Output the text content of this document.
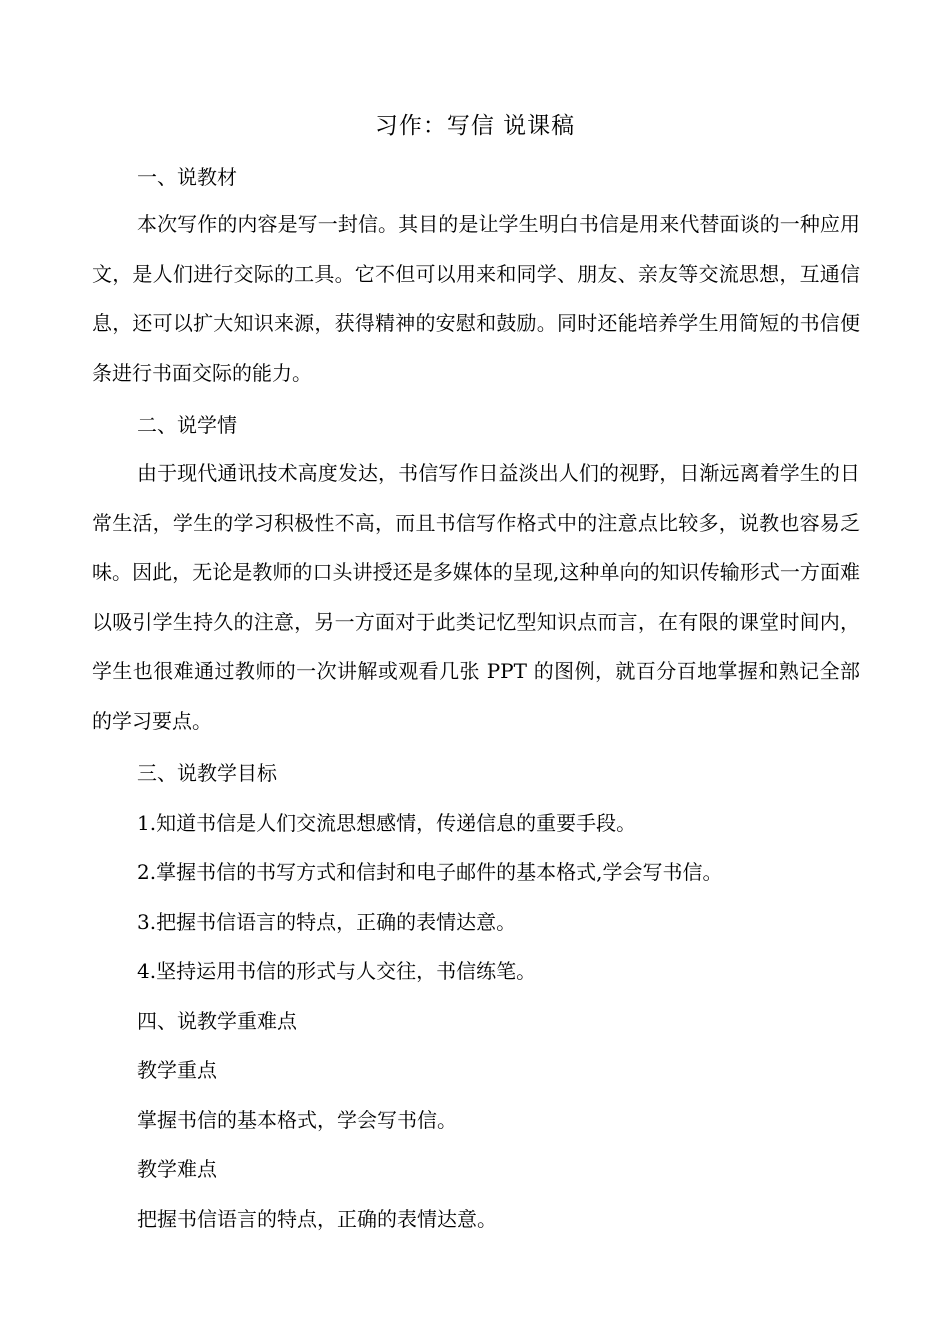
习作：写信 说课稿
一、说教材
本次写作的内容是写一封信。其目的是让学生明白书信是用来代替面谈的一种应用文，是人们进行交际的工具。它不但可以用来和同学、朋友、亲友等交流思想，互通信息，还可以扩大知识来源，获得精神的安慰和鼓励。同时还能培养学生用简短的书信便条进行书面交际的能力。
二、说学情
由于现代通讯技术高度发达，书信写作日益淡出人们的视野，日渐远离着学生的日常生活，学生的学习积极性不高，而且书信写作格式中的注意点比较多，说教也容易乏味。因此，无论是教师的口头讲授还是多媒体的呈现,这种单向的知识传输形式一方面难以吸引学生持久的注意，另一方面对于此类记忆型知识点而言，在有限的课堂时间内，学生也很难通过教师的一次讲解或观看几张 PPT 的图例，就百分百地掌握和熟记全部的学习要点。
三、说教学目标
1.知道书信是人们交流思想感情，传递信息的重要手段。
2.掌握书信的书写方式和信封和电子邮件的基本格式,学会写书信。
3.把握书信语言的特点，正确的表情达意。
4.坚持运用书信的形式与人交往，书信练笔。
四、说教学重难点
教学重点
掌握书信的基本格式，学会写书信。
教学难点
把握书信语言的特点，正确的表情达意。
